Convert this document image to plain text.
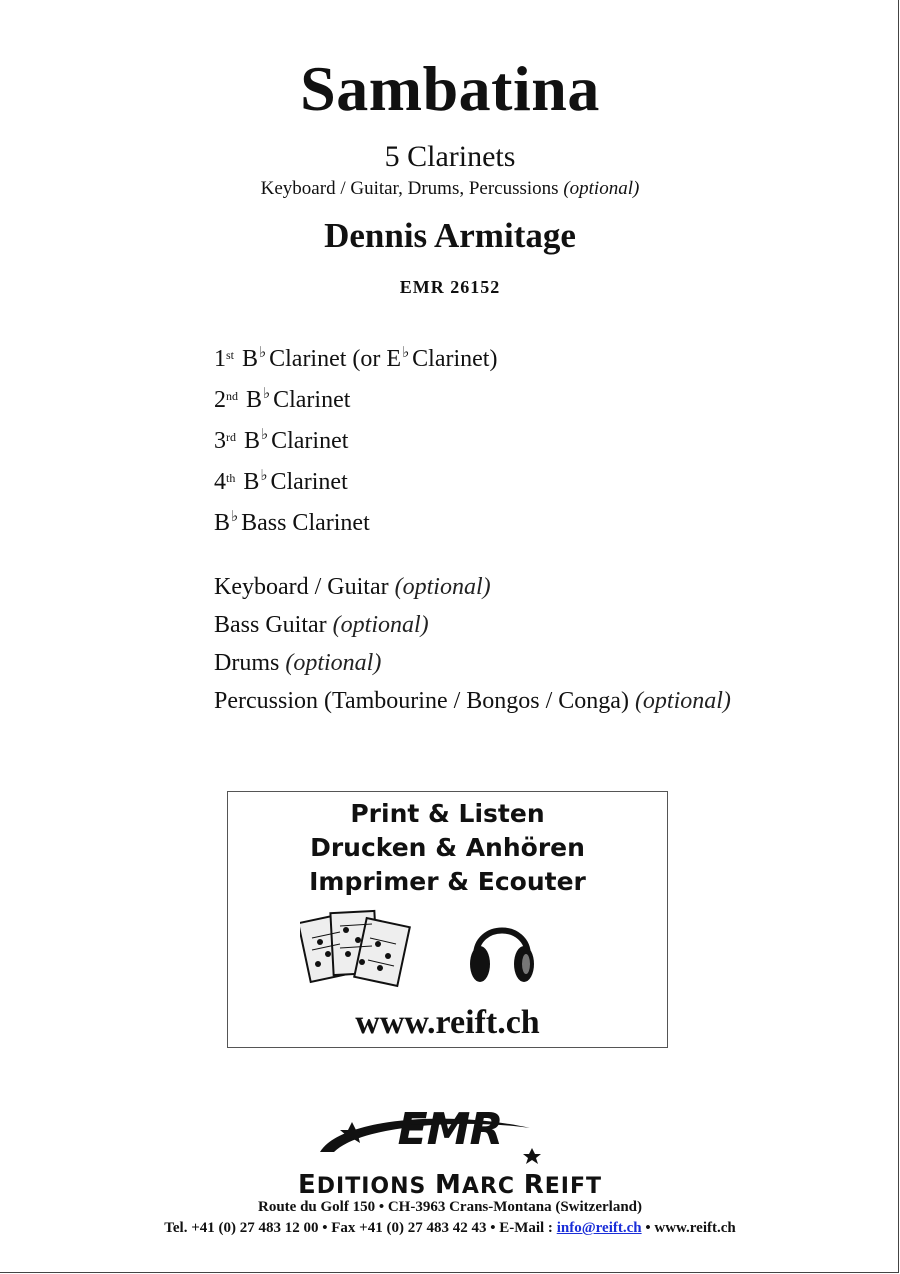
Sambatina
5 Clarinets
Keyboard / Guitar, Drums, Percussions (optional)
Dennis Armitage
EMR 26152
1st B♭ Clarinet (or E♭ Clarinet)
2nd B♭ Clarinet
3rd B♭ Clarinet
4th B♭ Clarinet
B♭ Bass Clarinet
Keyboard / Guitar (optional)
Bass Guitar (optional)
Drums (optional)
Percussion (Tambourine / Bongos / Conga) (optional)
Print & Listen
Drucken & Anhören
Imprimer & Ecouter
www.reift.ch
EMR
EDITIONS MARC REIFT
Route du Golf 150 • CH-3963 Crans-Montana (Switzerland)
Tel. +41 (0) 27 483 12 00 • Fax +41 (0) 27 483 42 43 • E-Mail : info@reift.ch • www.reift.ch
